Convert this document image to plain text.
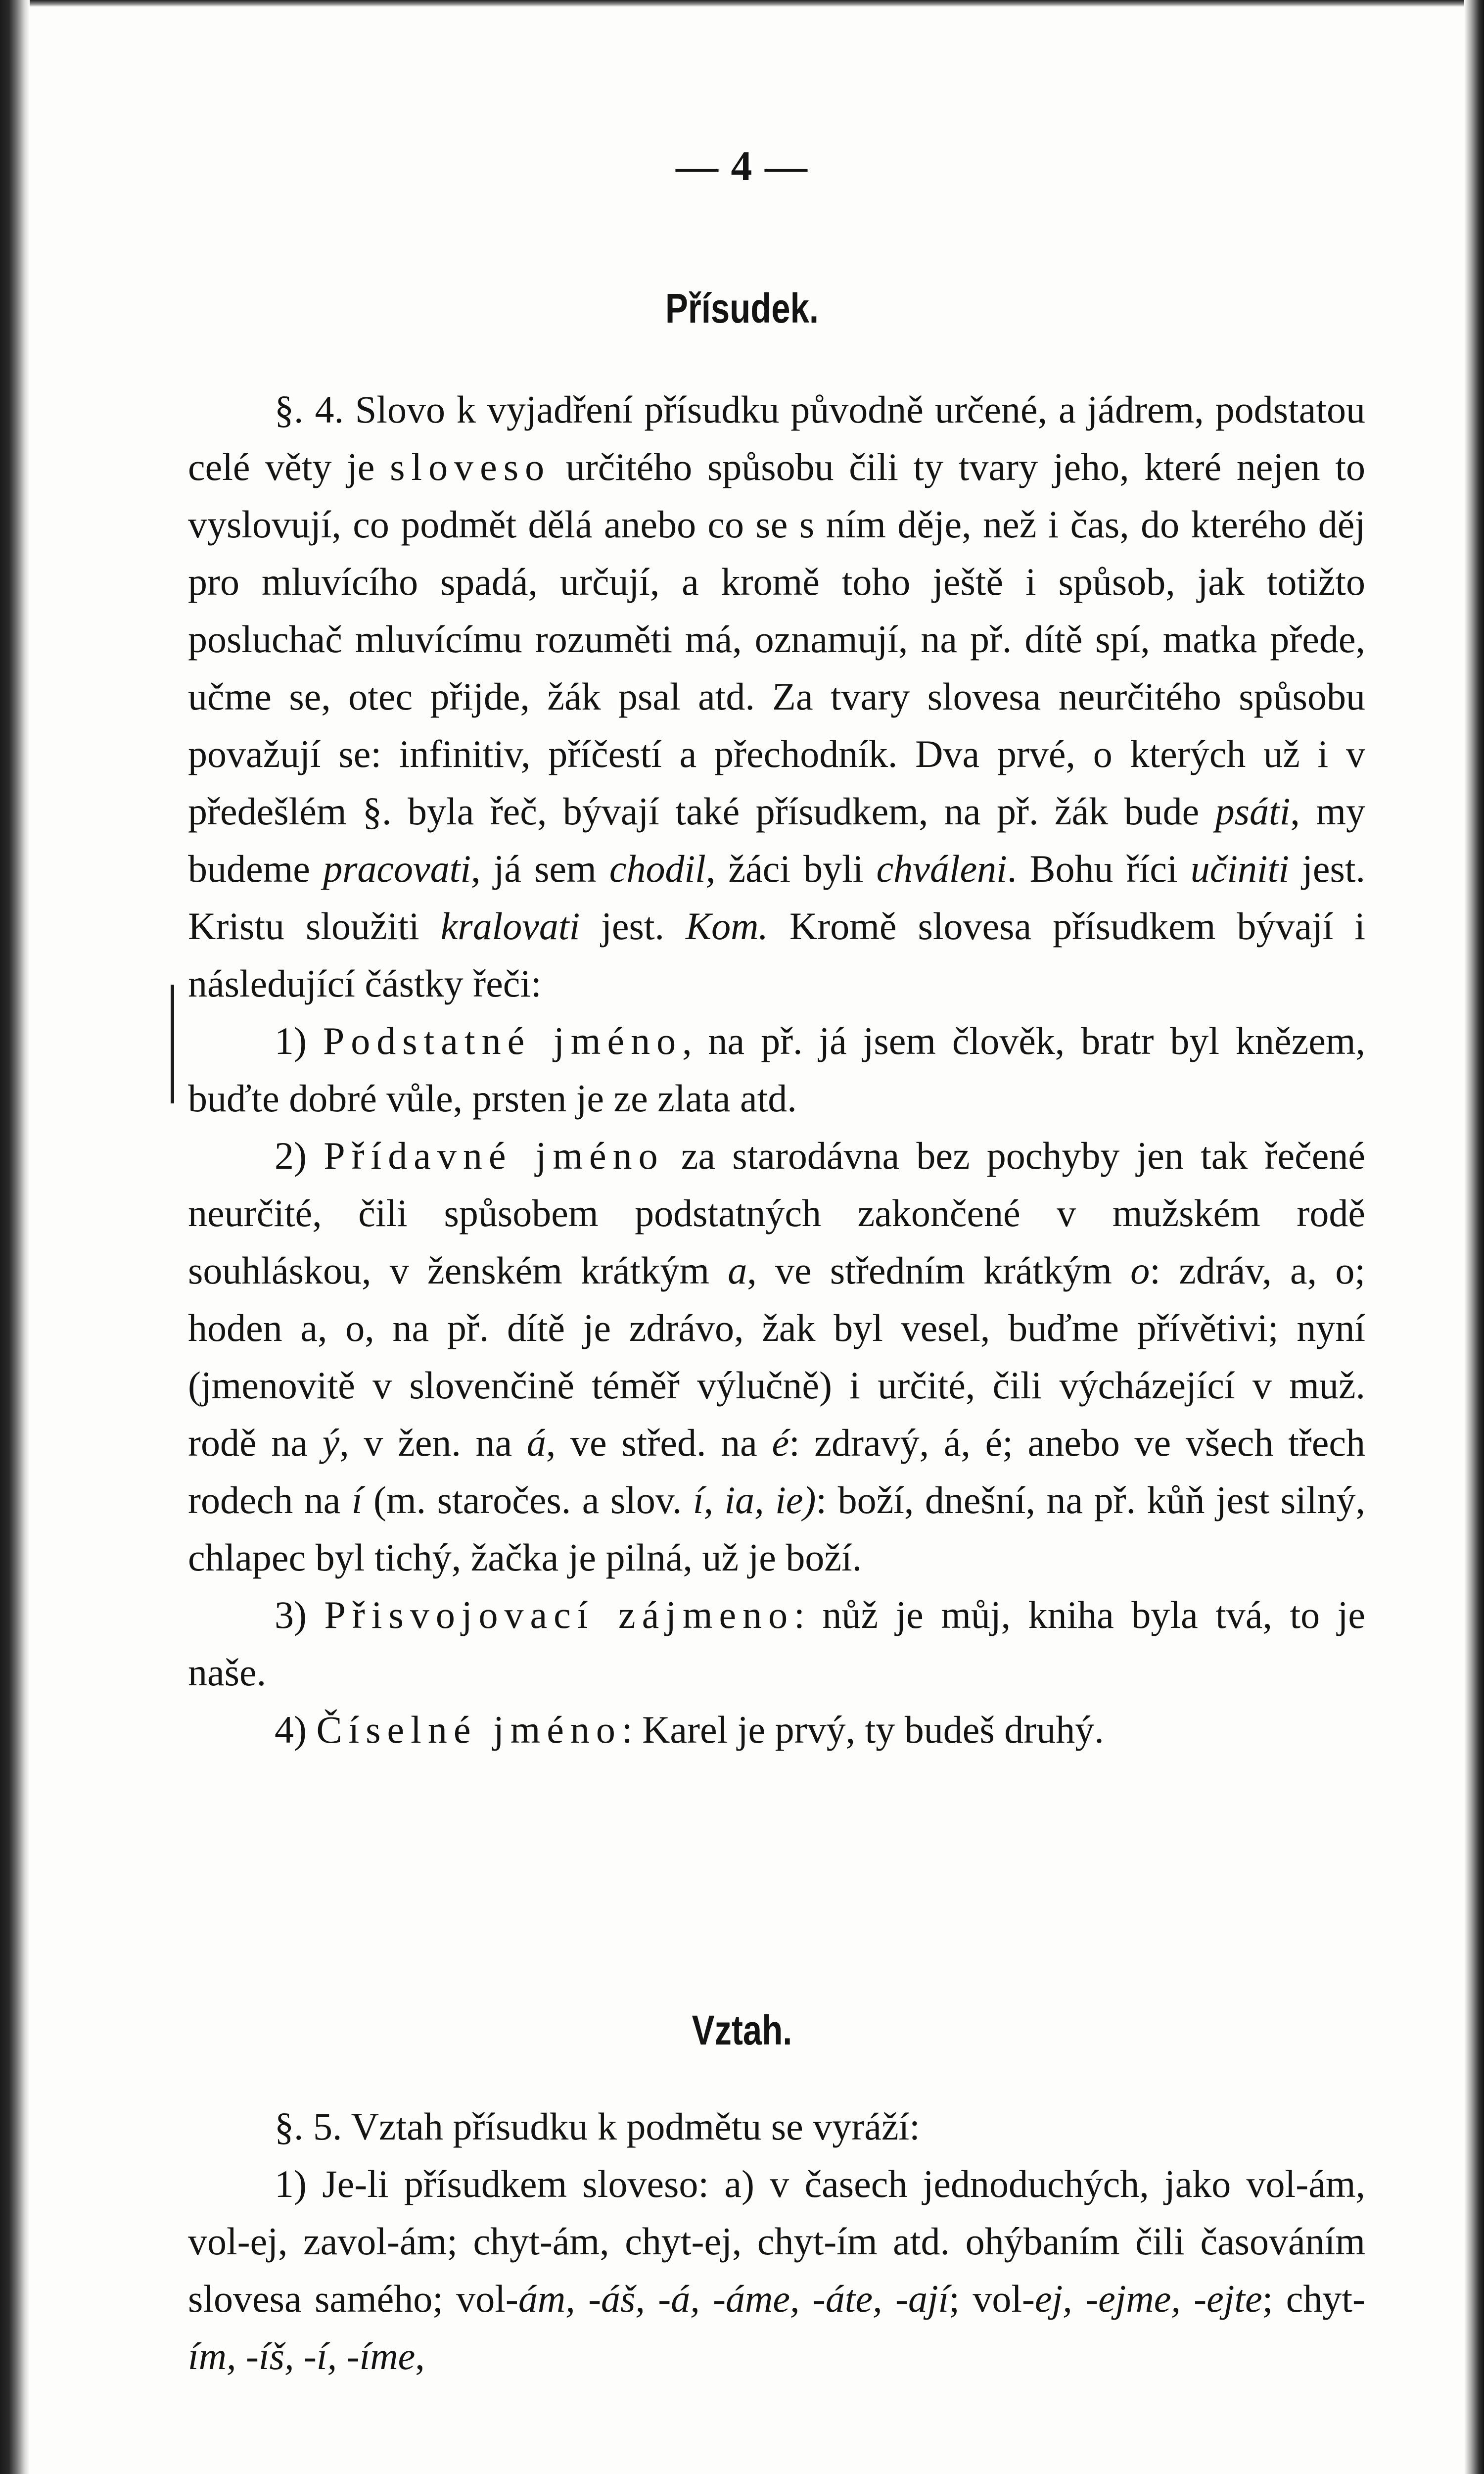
— 4 —
Přísudek.

§. 4. Slovo k vyjadření přísudku původně určené, a jádrem, podstatou celé věty je sloveso určitého spůsobu čili ty tvary jeho, které nejen to vyslovují, co podmět dělá anebo co se s ním děje, než i čas, do kterého děj pro mluvícího spadá, určují, a kromě toho ještě i spůsob, jak totižto posluchač mluvícímu rozuměti má, oznamují, na př. dítě spí, matka přede, učme se, otec přijde, žák psal atd. Za tvary slovesa neurčitého spůsobu považují se: infinitiv, příčestí a přechodník. Dva prvé, o kterých už i v předešlém §. byla řeč, bývají také přísudkem, na př. žák bude psáti, my budeme pracovati, já sem chodil, žáci byli chváleni. Bohu říci učiniti jest. Kristu sloužiti kralovati jest. Kom. Kromě slovesa přísudkem bývají i následující částky řeči:

1) Podstatné jméno, na př. já jsem člověk, bratr byl knězem, buďte dobré vůle, prsten je ze zlata atd.

2) Přídavné jméno za starodávna bez pochyby jen tak řečené neurčité, čili spůsobem podstatných zakončené v mužském rodě souhláskou, v ženském krátkým a, ve středním krátkým o: zdráv, a, o; hoden a, o, na př. dítě je zdrávo, žak byl vesel, buďme přívětivi; nyní (jmenovitě v slovenčině téměř výlučně) i určité, čili výcházející v muž. rodě na ý, v žen. na á, ve střed. na é: zdravý, á, é; anebo ve všech třech rodech na í (m. staročes. a slov. í, ia, ie): boží, dnešní, na př. kůň jest silný, chlapec byl tichý, žačka je pilná, už je boží.

3) Přisvojovací zájmeno: nůž je můj, kniha byla tvá, to je naše.

4) Číselné jméno: Karel je prvý, ty budeš druhý.

Vztah.

§. 5. Vztah přísudku k podmětu se vyráží:

1) Je-li přísudkem sloveso: a) v časech jednoduchých, jako vol-ám, vol-ej, zavol-ám; chyt-ám, chyt-ej, chyt-ím atd. ohýbaním čili časováním slovesa samého; vol-ám, -áš, -á, -áme, -áte, -ají; vol-ej, -ejme, -ejte; chyt-ím, -íš, -í, -íme,
